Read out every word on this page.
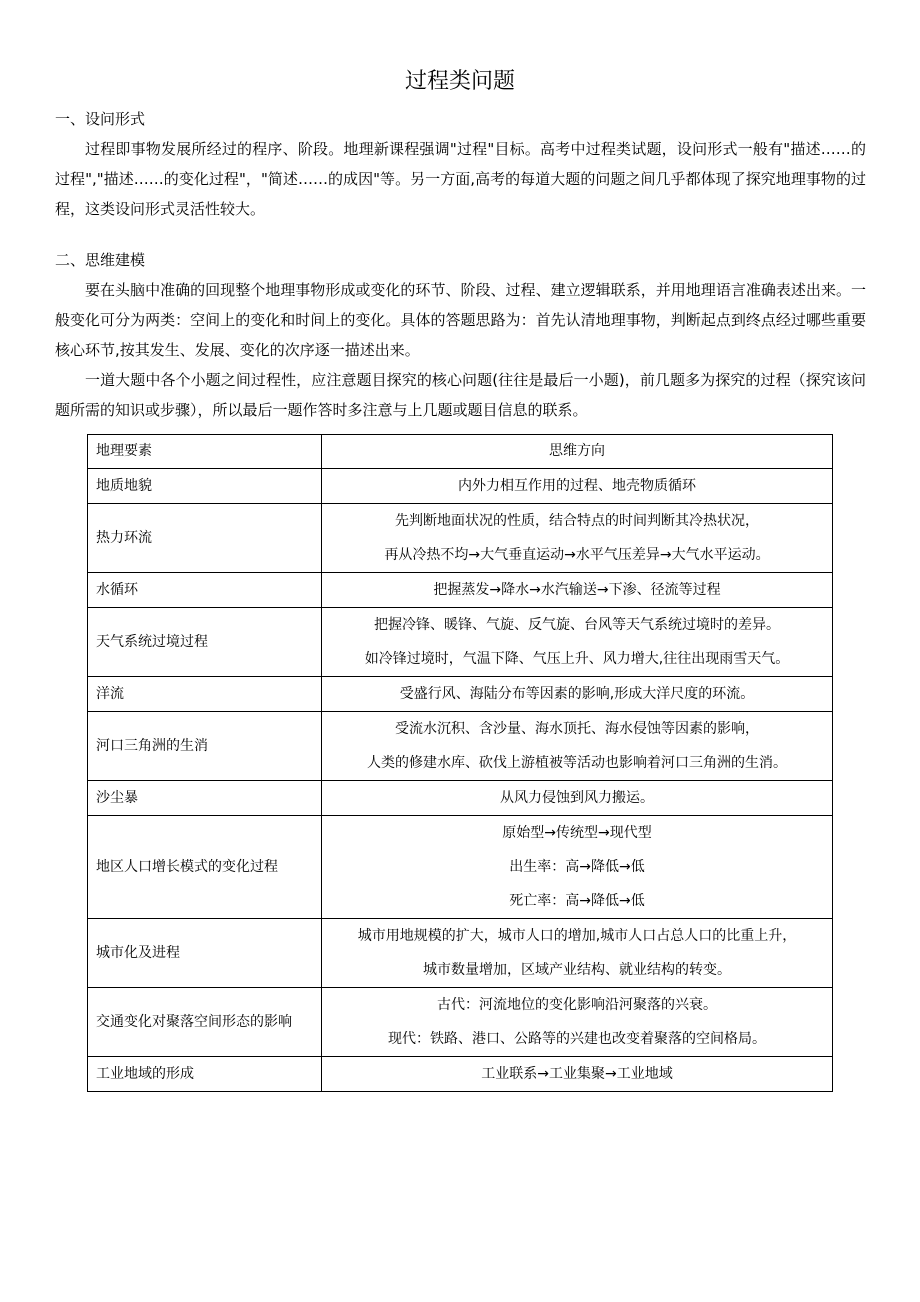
过程类问题
一、设问形式

过程即事物发展所经过的程序、阶段。地理新课程强调"过程"目标。高考中过程类试题，设问形式一般有"描述……的过程","描述……的变化过程"，"简述……的成因"等。另一方面,高考的每道大题的问题之间几乎都体现了探究地理事物的过程，这类设问形式灵活性较大。

二、思维建模

要在头脑中准确的回现整个地理事物形成或变化的环节、阶段、过程、建立逻辑联系，并用地理语言准确表述出来。一般变化可分为两类：空间上的变化和时间上的变化。具体的答题思路为：首先认清地理事物，判断起点到终点经过哪些重要核心环节,按其发生、发展、变化的次序逐一描述出来。

一道大题中各个小题之间过程性，应注意题目探究的核心问题(往往是最后一小题)，前几题多为探究的过程（探究该问题所需的知识或步骤），所以最后一题作答时多注意与上几题或题目信息的联系。

地理要素	思维方向
地质地貌	内外力相互作用的过程、地壳物质循环

热力环流	先判断地面状况的性质，结合特点的时间判断其冷热状况，
再从冷热不均→大气垂直运动→水平气压差异→大气水平运动。

水循环	把握蒸发→降水→水汽输送→下渗、径流等过程

天气系统过境过程	把握冷锋、暖锋、气旋、反气旋、台风等天气系统过境时的差异。
如冷锋过境时，气温下降、气压上升、风力增大,往往出现雨雪天气。

洋流	受盛行风、海陆分布等因素的影响,形成大洋尺度的环流。

河口三角洲的生消	受流水沉积、含沙量、海水顶托、海水侵蚀等因素的影响，
人类的修建水库、砍伐上游植被等活动也影响着河口三角洲的生消。

沙尘暴	从风力侵蚀到风力搬运。

地区人口增长模式的变化过程	原始型→传统型→现代型
出生率：高→降低→低
死亡率：高→降低→低

城市化及进程	城市用地规模的扩大，城市人口的增加,城市人口占总人口的比重上升，
城市数量增加，区域产业结构、就业结构的转变。

交通变化对聚落空间形态的影响	古代：河流地位的变化影响沿河聚落的兴衰。
现代：铁路、港口、公路等的兴建也改变着聚落的空间格局。

工业地域的形成	工业联系→工业集聚→工业地域
